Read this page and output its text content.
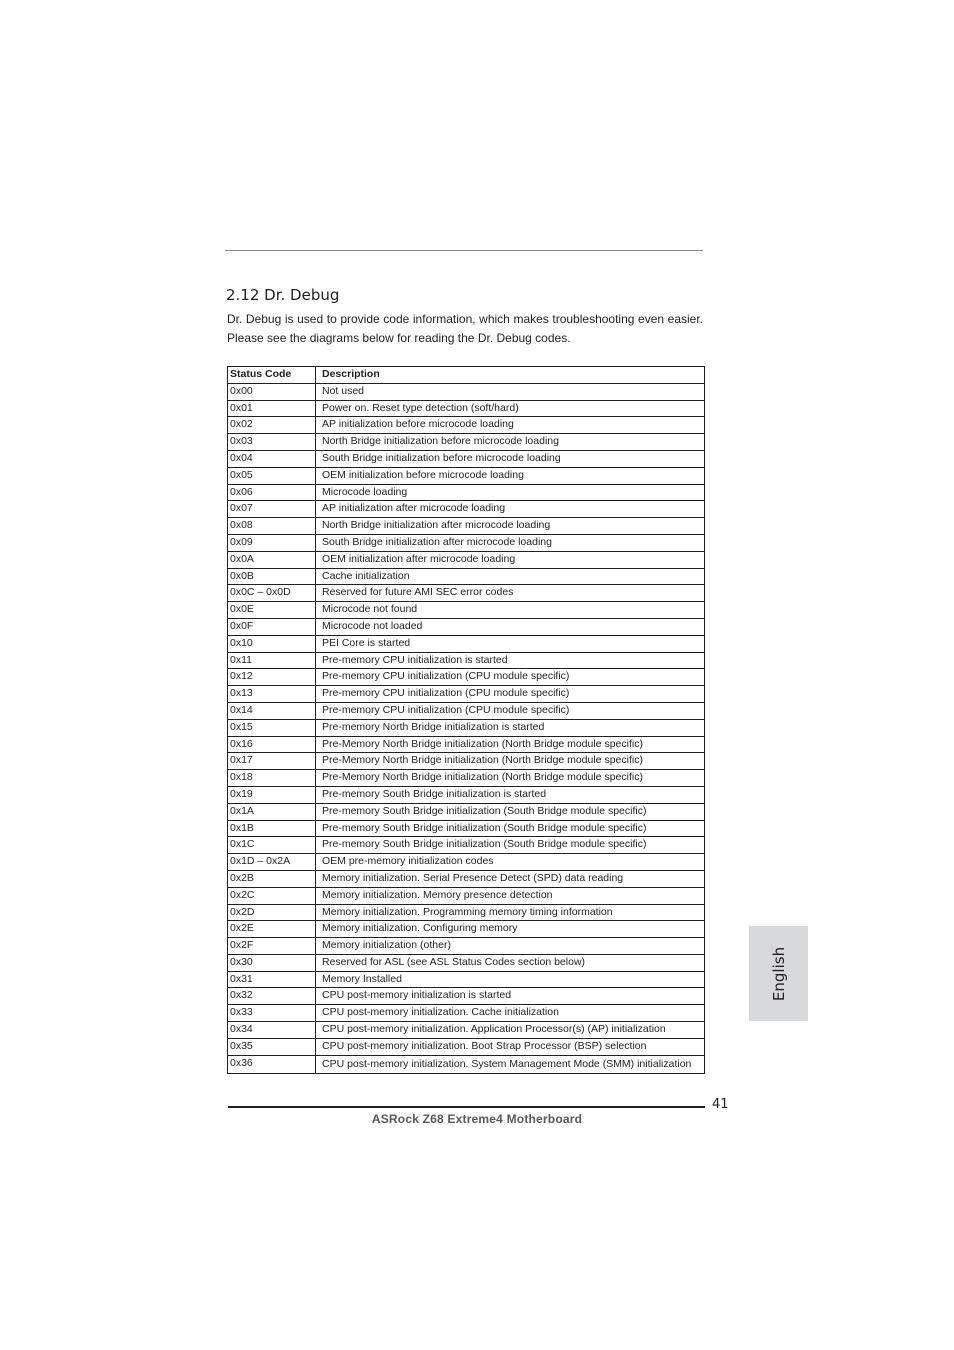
2.12 Dr. Debug

Dr. Debug is used to provide code information, which makes troubleshooting even easier. Please see the diagrams below for reading the Dr. Debug codes.

Status Code	Description
0x00	Not used
0x01	Power on. Reset type detection (soft/hard)
0x02	AP initialization before microcode loading
0x03	North Bridge initialization before microcode loading
0x04	South Bridge initialization before microcode loading
0x05	OEM initialization before microcode loading
0x06	Microcode loading
0x07	AP initialization after microcode loading
0x08	North Bridge initialization after microcode loading
0x09	South Bridge initialization after microcode loading
0x0A	OEM initialization after microcode loading
0x0B	Cache initialization
0x0C – 0x0D	Reserved for future AMI SEC error codes
0x0E	Microcode not found
0x0F	Microcode not loaded
0x10	PEI Core is started
0x11	Pre-memory CPU initialization is started
0x12	Pre-memory CPU initialization (CPU module specific)
0x13	Pre-memory CPU initialization (CPU module specific)
0x14	Pre-memory CPU initialization (CPU module specific)
0x15	Pre-memory North Bridge initialization is started
0x16	Pre-Memory North Bridge initialization (North Bridge module specific)
0x17	Pre-Memory North Bridge initialization (North Bridge module specific)
0x18	Pre-Memory North Bridge initialization (North Bridge module specific)
0x19	Pre-memory South Bridge initialization is started
0x1A	Pre-memory South Bridge initialization (South Bridge module specific)
0x1B	Pre-memory South Bridge initialization (South Bridge module specific)
0x1C	Pre-memory South Bridge initialization (South Bridge module specific)
0x1D – 0x2A	OEM pre-memory initialization codes
0x2B	Memory initialization. Serial Presence Detect (SPD) data reading
0x2C	Memory initialization. Memory presence detection
0x2D	Memory initialization. Programming memory timing information
0x2E	Memory initialization. Configuring memory
0x2F	Memory initialization (other)
0x30	Reserved for ASL (see ASL Status Codes section below)
0x31	Memory Installed
0x32	CPU post-memory initialization is started
0x33	CPU post-memory initialization. Cache initialization
0x34	CPU post-memory initialization. Application Processor(s) (AP) initialization
0x35	CPU post-memory initialization. Boot Strap Processor (BSP) selection
0x36	CPU post-memory initialization. System Management Mode (SMM) initialization
English
41
ASRock Z68 Extreme4 Motherboard
